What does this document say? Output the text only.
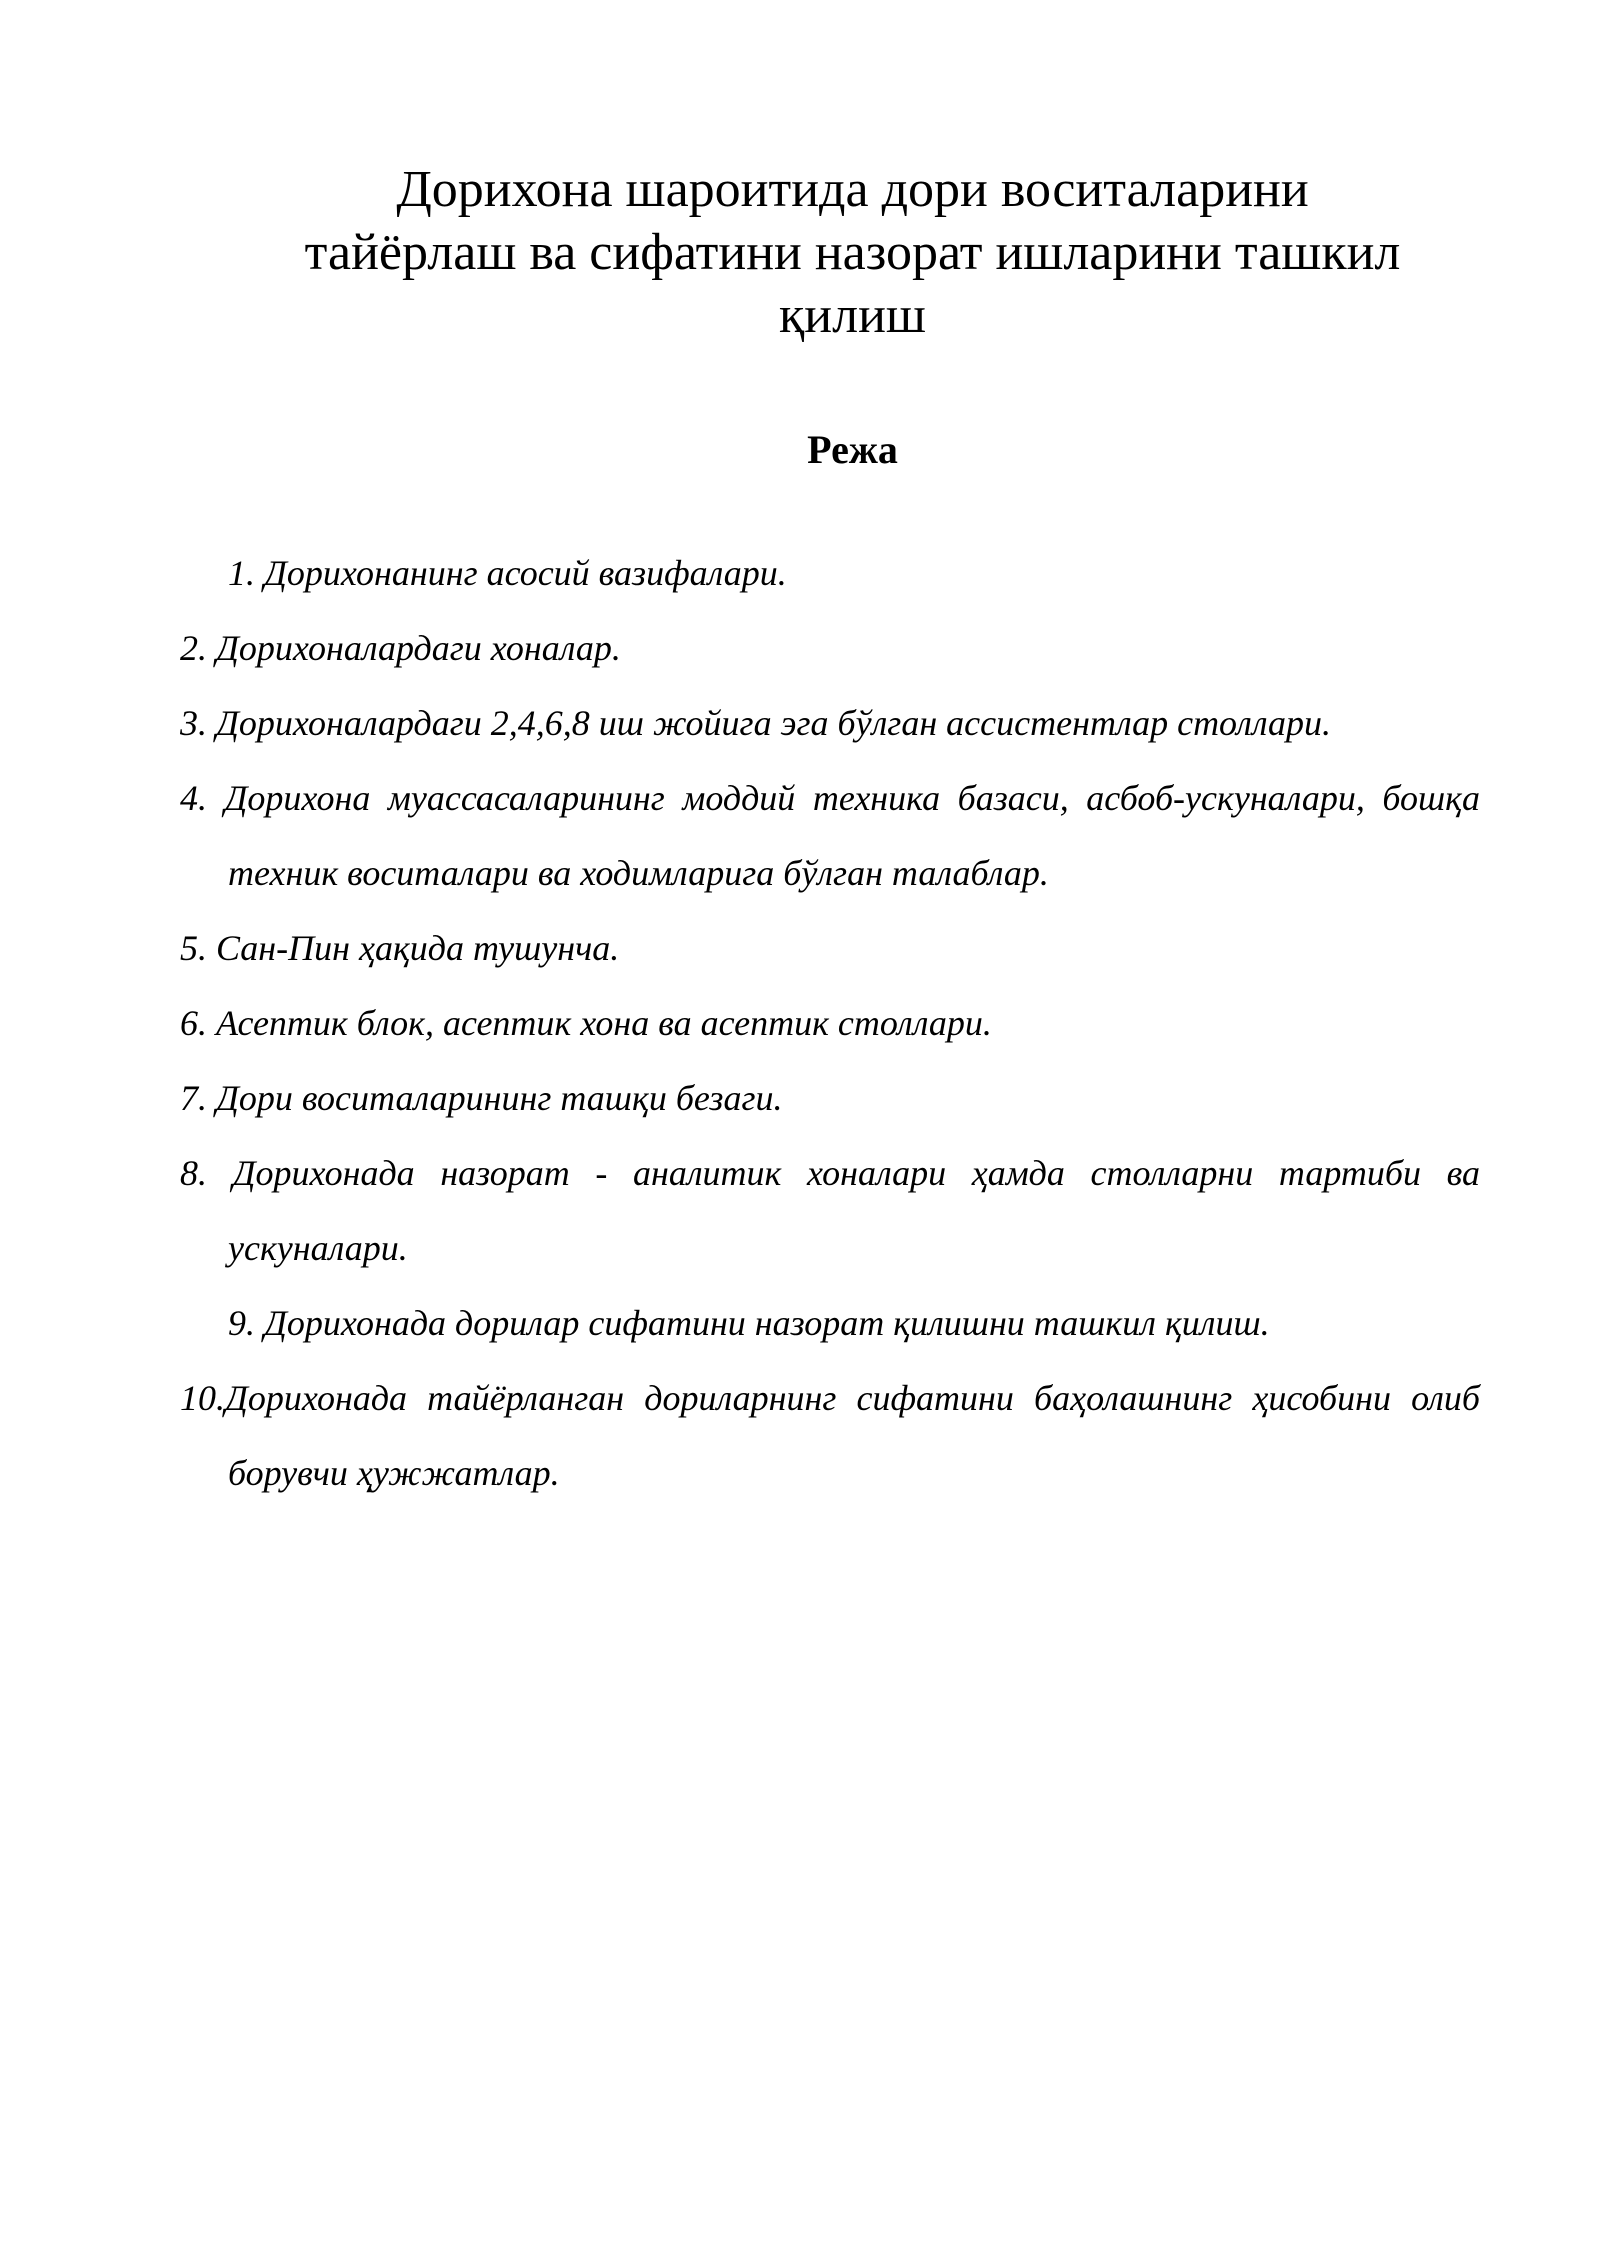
Дорихона шароитида дори воситаларини
тайёрлаш ва сифатини назорат ишларини ташкил
қилиш
Режа
1. Дорихонанинг асосий вазифалари.
2. Дорихоналардаги хоналар.
3. Дорихоналардаги 2,4,6,8 иш жойига эга бўлган ассистентлар столлари.
4. Дорихона муассасаларининг моддий техника базаси, асбоб-ускуналари, бошқа техник воситалари ва ходимларига бўлган талаблар.
5. Сан-Пин ҳақида тушунча.
6. Асептик блок, асептик хона ва асептик столлари.
7. Дори воситаларининг ташқи безаги.
8. Дорихонада назорат - аналитик хоналари ҳамда столларни тартиби ва ускуналари.
9. Дорихонада дорилар сифатини назорат қилишни ташкил қилиш.
10.Дорихонада тайёрланган дориларнинг сифатини баҳолашнинг ҳисобини олиб борувчи ҳужжатлар.
